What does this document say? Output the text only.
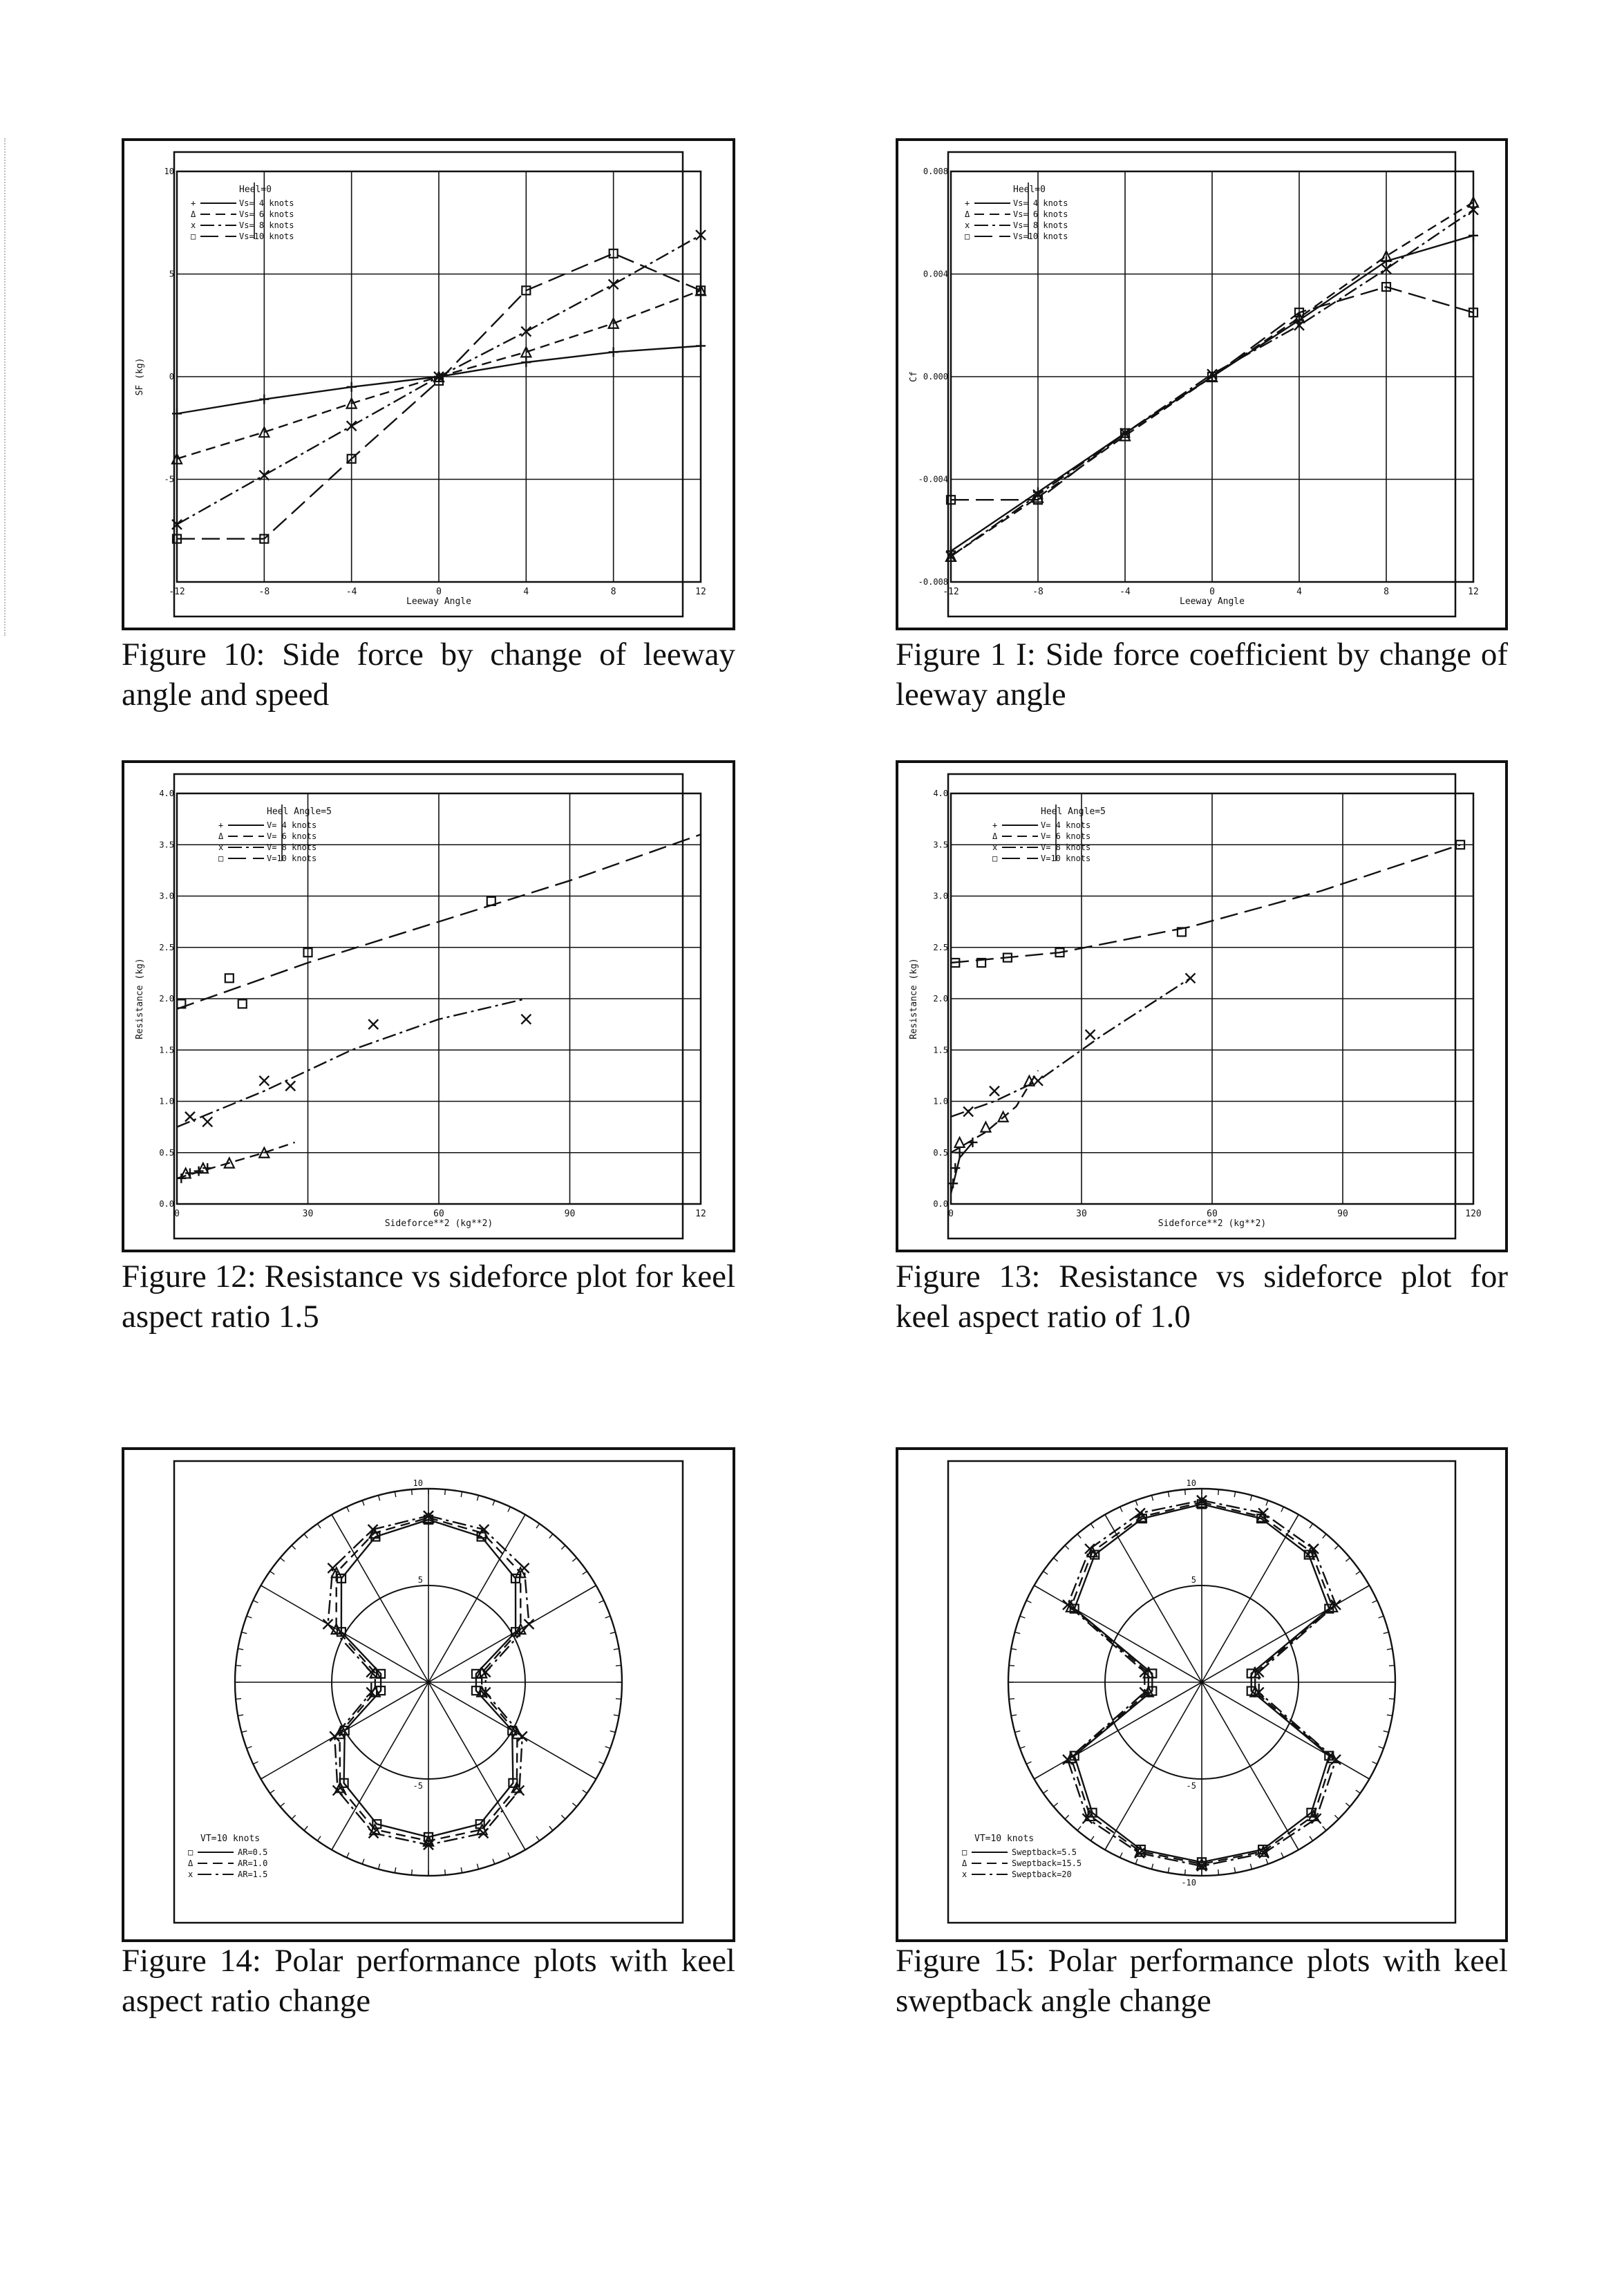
-12	-8	-4	0	4	8	12
10
5
0
-5
Leeway Angle
SF (kg)
Heel=0
+	Vs= 4 knots
Δ	Vs= 6 knots
x	Vs= 8 knots
□	Vs=10 knots
Figure 10: Side force by change of leeway angle and speed
-12	-8	-4	0	4	8	12
0.008
0.004
0.000
-0.004
-0.008
Leeway Angle
Cf
Heel=0
+	Vs= 4 knots
Δ	Vs= 6 knots
x	Vs= 8 knots
□	Vs=10 knots
Figure 1 I: Side force coefficient by change of leeway angle
0	30	60	90	12
0.0
0.5
1.0
1.5
2.0
2.5
3.0
3.5
4.0
Sideforce**2 (kg**2)
Resistance (kg)
Heel Angle=5
+	V= 4 knots
Δ	V= 6 knots
x	V= 8 knots
□	V=10 knots
Figure 12: Resistance vs sideforce plot for keel aspect ratio 1.5
0	30	60	90	120
0.0
0.5
1.0
1.5
2.0
2.5
3.0
3.5
4.0
Sideforce**2 (kg**2)
Resistance (kg)
Heel Angle=5
+	V= 4 knots
Δ	V= 6 knots
x	V= 8 knots
□	V=10 knots
Figure 13: Resistance vs sideforce plot for keel aspect ratio of 1.0
10
5
-5
VT=10 knots
□	AR=0.5
Δ	AR=1.0
x	AR=1.5
Figure 14: Polar performance plots with keel aspect ratio change
10
5
-5
-10
VT=10 knots
□	Sweptback=5.5
Δ	Sweptback=15.5
x	Sweptback=20
Figure 15: Polar performance plots with keel sweptback angle change
